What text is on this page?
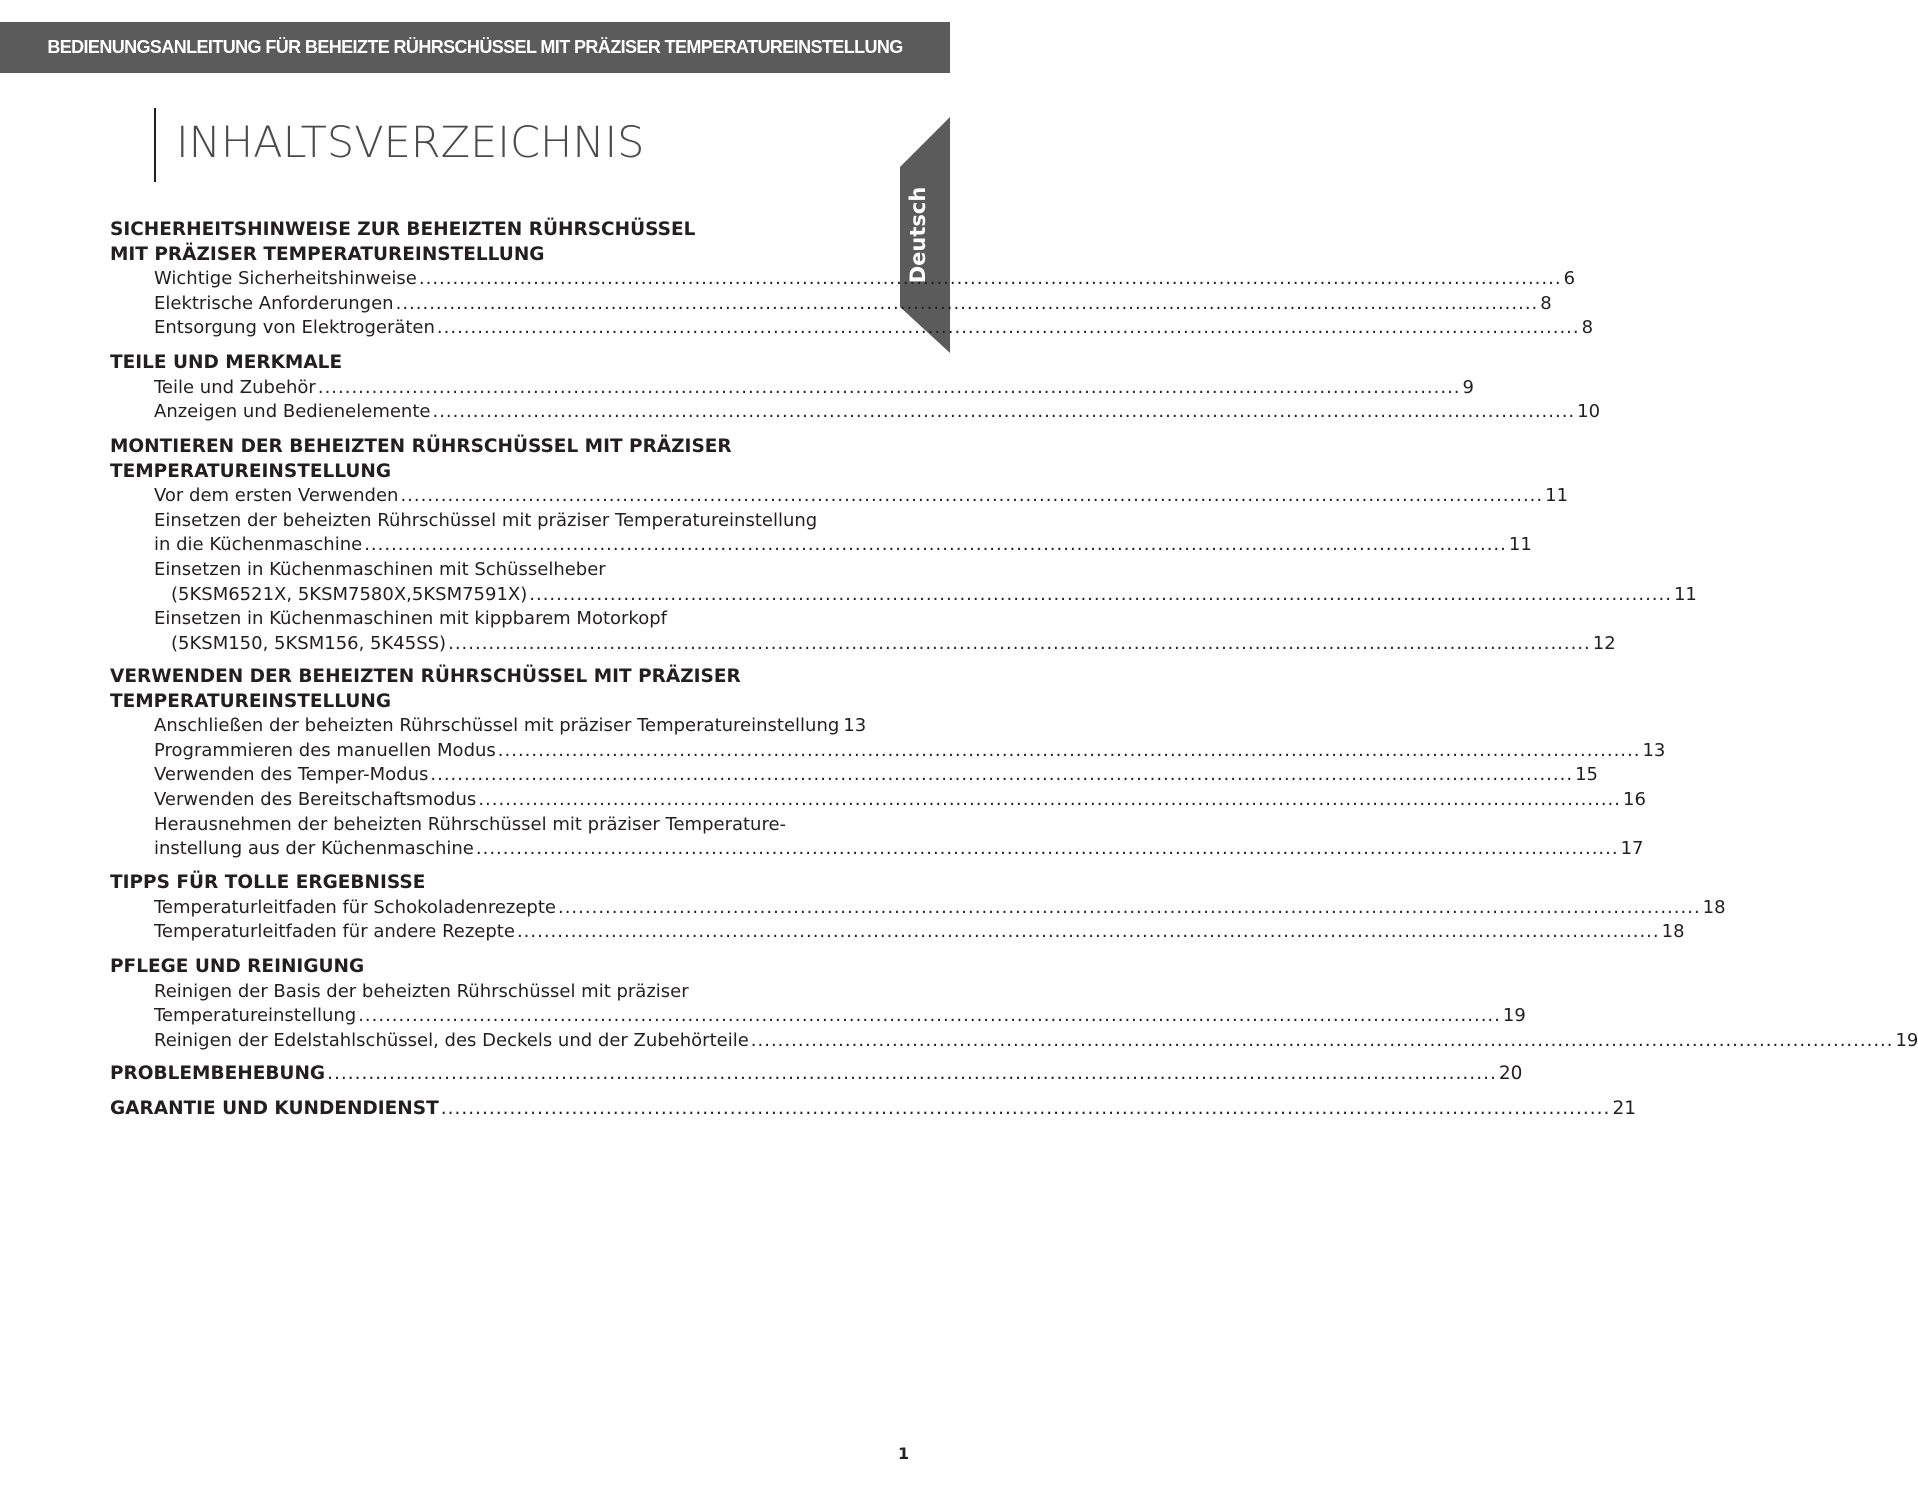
BEDIENUNGSANLEITUNG FÜR BEHEIZTE RÜHRSCHÜSSEL MIT PRÄZISER TEMPERATUREINSTELLUNG
INHALTSVERZEICHNIS
Deutsch
SICHERHEITSHINWEISE ZUR BEHEIZTEN RÜHRSCHÜSSEL
MIT PRÄZISER TEMPERATUREINSTELLUNG
Wichtige Sicherheitshinweise .......................................................................................................................................................................... 6
Elektrische Anforderungen .......................................................................................................................................................................... 8
Entsorgung von Elektrogeräten .......................................................................................................................................................................... 8
TEILE UND MERKMALE
Teile und Zubehör .......................................................................................................................................................................... 9
Anzeigen und Bedienelemente .......................................................................................................................................................................... 10
MONTIEREN DER BEHEIZTEN RÜHRSCHÜSSEL MIT PRÄZISER
TEMPERATUREINSTELLUNG
Vor dem ersten Verwenden .......................................................................................................................................................................... 11
Einsetzen der beheizten Rührschüssel mit präziser Temperatureinstellung
in die Küchenmaschine .......................................................................................................................................................................... 11
Einsetzen in Küchenmaschinen mit Schüsselheber
(5KSM6521X, 5KSM7580X,5KSM7591X) .......................................................................................................................................................................... 11
Einsetzen in Küchenmaschinen mit kippbarem Motorkopf
(5KSM150, 5KSM156, 5K45SS) .......................................................................................................................................................................... 12
VERWENDEN DER BEHEIZTEN RÜHRSCHÜSSEL MIT PRÄZISER
TEMPERATUREINSTELLUNG
Anschließen der beheizten Rührschüssel mit präziser Temperatureinstellung 13
Programmieren des manuellen Modus .......................................................................................................................................................................... 13
Verwenden des Temper-Modus .......................................................................................................................................................................... 15
Verwenden des Bereitschaftsmodus .......................................................................................................................................................................... 16
Herausnehmen der beheizten Rührschüssel mit präziser Temperature-
instellung aus der Küchenmaschine .......................................................................................................................................................................... 17
TIPPS FÜR TOLLE ERGEBNISSE
Temperaturleitfaden für Schokoladenrezepte .......................................................................................................................................................................... 18
Temperaturleitfaden für andere Rezepte .......................................................................................................................................................................... 18
PFLEGE UND REINIGUNG
Reinigen der Basis der beheizten Rührschüssel mit präziser
Temperatureinstellung .......................................................................................................................................................................... 19
Reinigen der Edelstahlschüssel, des Deckels und der Zubehörteile .......................................................................................................................................................................... 19
PROBLEMBEHEBUNG .......................................................................................................................................................................... 20
GARANTIE UND KUNDENDIENST .......................................................................................................................................................................... 21
1
